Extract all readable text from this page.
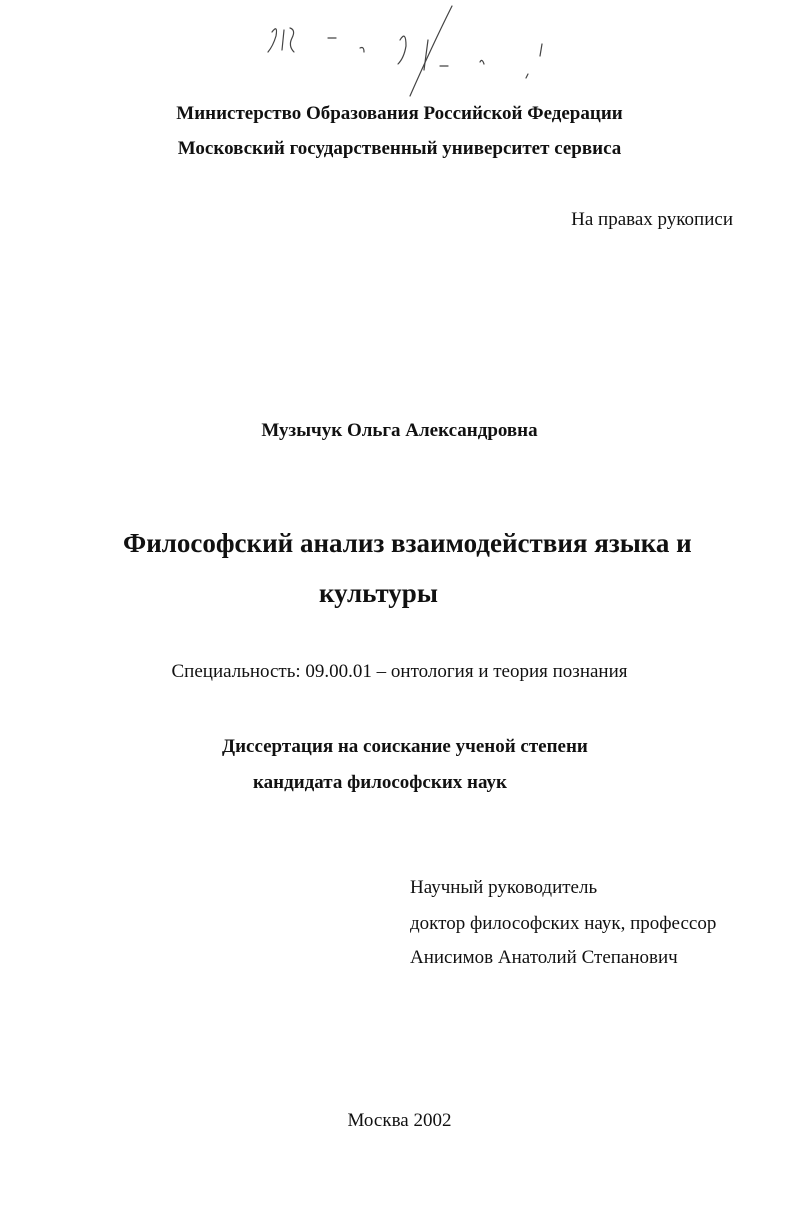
Министерство Образования Российской Федерации
Московский государственный университет сервиса
На правах рукописи
Музычук Ольга Александровна
Философский анализ взаимодействия языка и
культуры
Специальность: 09.00.01 – онтология и теория познания
Диссертация на соискание ученой степени
кандидата философских наук
Научный руководитель
доктор философских наук, профессор
Анисимов Анатолий Степанович
Москва 2002
